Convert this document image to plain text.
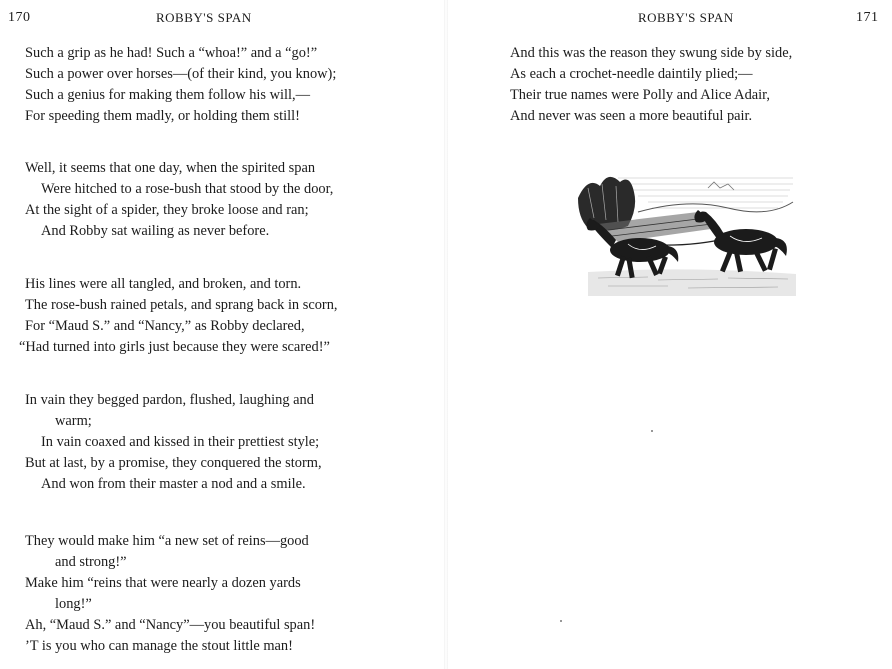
170	ROBBY'S SPAN
Such a grip as he had! Such a “whoa!” and a “go!”
Such a power over horses—(of their kind, you know);
Such a genius for making them follow his will,—
For speeding them madly, or holding them still!
Well, it seems that one day, when the spirited span
Were hitched to a rose-bush that stood by the door,
At the sight of a spider, they broke loose and ran;
And Robby sat wailing as never before.
His lines were all tangled, and broken, and torn.
The rose-bush rained petals, and sprang back in scorn,
For “Maud S.” and “Nancy,” as Robby declared,
“Had turned into girls just because they were scared!”
In vain they begged pardon, flushed, laughing and
warm;
In vain coaxed and kissed in their prettiest style;
But at last, by a promise, they conquered the storm,
And won from their master a nod and a smile.
They would make him “a new set of reins—good
and strong!”
Make him “reins that were nearly a dozen yards
long!”
Ah, “Maud S.” and “Nancy”—you beautiful span!
’T is you who can manage the stout little man!
ROBBY'S SPAN	171
And this was the reason they swung side by side,
As each a crochet-needle daintily plied;—
Their true names were Polly and Alice Adair,
And never was seen a more beautiful pair.
